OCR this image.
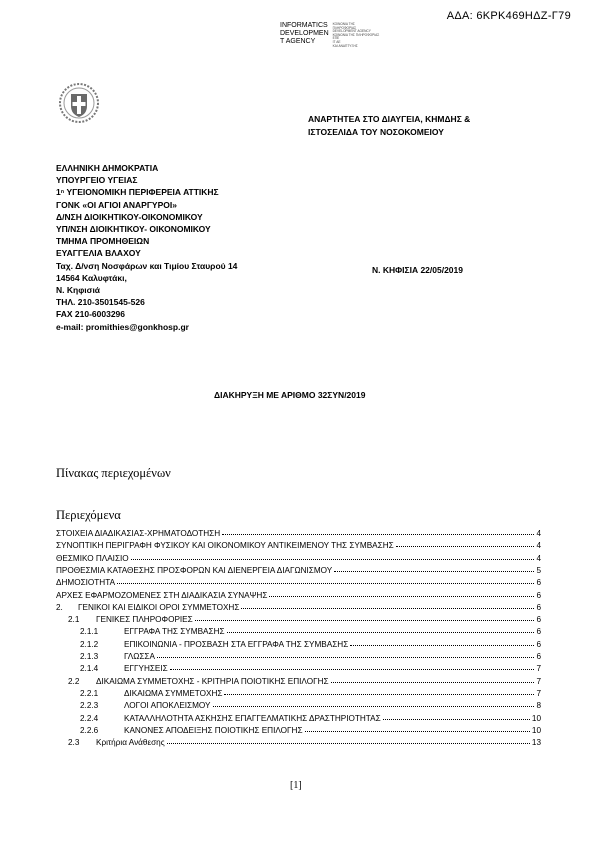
ΑΔΑ: 6ΚΡΚ469ΗΔΖ-Γ79
INFORMATICS
DEVELOPMEN
T AGENCY
ΚΟΙΝΩΝΙΑ ΤΗΣ
ΠΛΗΡΟΦΟΡΙΑΣ
DEVELOPMENT AGENCY
ΚΟΙΝΩΝΙΑ ΤΗΣ ΠΛΗΡΟΦΟΡΙΑΣ
ΕΠΕ
IT ΑΕ
ΚΑΙ ΑΝΑΠΤΥΞΗΣ
ΑΝΑΡΤΗΤΕΑ ΣΤΟ ΔΙΑΥΓΕΙΑ, ΚΗΜΔΗΣ &
ΙΣΤΟΣΕΛΙΔΑ ΤΟΥ ΝΟΣΟΚΟΜΕΙΟΥ
ΕΛΛΗΝΙΚΗ ΔΗΜΟΚΡΑΤΙΑ
ΥΠΟΥΡΓΕΙΟ ΥΓΕΙΑΣ
1ⁿ ΥΓΕΙΟΝΟΜΙΚΗ ΠΕΡΙΦΕΡΕΙΑ ΑΤΤΙΚΗΣ
ΓΟΝΚ «ΟΙ ΑΓΙΟΙ ΑΝΑΡΓΥΡΟΙ»
Δ/ΝΣΗ ΔΙΟΙΚΗΤΙΚΟΥ-ΟΙΚΟΝΟΜΙΚΟΥ
ΥΠ/ΝΣΗ ΔΙΟΙΚΗΤΙΚΟΥ- ΟΙΚΟΝΟΜΙΚΟΥ
ΤΜΗΜΑ ΠΡΟΜΗΘΕΙΩΝ
ΕΥΑΓΓΕΛΙΑ ΒΛΑΧΟΥ
Ταχ. Δ/νση Νοσφάρων και Τιμίου Σταυρού 14
14564 Καλυφτάκι,
Ν. Κηφισιά
ΤΗΛ. 210-3501545-526
FAX 210-6003296
e-mail: promithies@gonkhosp.gr
Ν. ΚΗΦΙΣΙΑ 22/05/2019
ΔΙΑΚΗΡΥΞΗ ΜΕ ΑΡΙΘΜΟ 32ΣΥΝ/2019
Πίνακας περιεχομένων
Περιεχόμενα
ΣΤΟΙΧΕΙΑ ΔΙΑΔΙΚΑΣΙΑΣ-ΧΡΗΜΑΤΟΔΟΤΗΣΗ	4
ΣΥΝΟΠΤΙΚΗ ΠΕΡΙΓΡΑΦΗ ΦΥΣΙΚΟΥ ΚΑΙ ΟΙΚΟΝΟΜΙΚΟΥ ΑΝΤΙΚΕΙΜΕΝΟΥ ΤΗΣ ΣΥΜΒΑΣΗΣ	4
ΘΕΣΜΙΚΟ ΠΛΑΙΣΙΟ	4
ΠΡΟΘΕΣΜΙΑ ΚΑΤΑΘΕΣΗΣ ΠΡΟΣΦΟΡΩΝ ΚΑΙ ΔΙΕΝΕΡΓΕΙΑ ΔΙΑΓΩΝΙΣΜΟΥ	5
ΔΗΜΟΣΙΟΤΗΤΑ	6
ΑΡΧΕΣ ΕΦΑΡΜΟΖΟΜΕΝΕΣ ΣΤΗ ΔΙΑΔΙΚΑΣΙΑ ΣΥΝΑΨΗΣ	6
2.	ΓΕΝΙΚΟΙ ΚΑΙ ΕΙΔΙΚΟΙ ΟΡΟΙ ΣΥΜΜΕΤΟΧΗΣ	6
2.1	ΓΕΝΙΚΕΣ ΠΛΗΡΟΦΟΡΙΕΣ	6
2.1.1	ΕΓΓΡΑΦΑ ΤΗΣ ΣΥΜΒΑΣΗΣ	6
2.1.2	ΕΠΙΚΟΙΝΩΝΙΑ - ΠΡΟΣΒΑΣΗ ΣΤΑ ΕΓΓΡΑΦΑ ΤΗΣ ΣΥΜΒΑΣΗΣ	6
2.1.3	ΓΛΩΣΣΑ	6
2.1.4	ΕΓΓΥΗΣΕΙΣ	7
2.2	ΔΙΚΑΙΩΜΑ ΣΥΜΜΕΤΟΧΗΣ - ΚΡΙΤΗΡΙΑ ΠΟΙΟΤΙΚΗΣ ΕΠΙΛΟΓΗΣ	7
2.2.1	ΔΙΚΑΙΩΜΑ ΣΥΜΜΕΤΟΧΗΣ	7
2.2.3	ΛΟΓΟΙ ΑΠΟΚΛΕΙΣΜΟΥ	8
2.2.4	ΚΑΤΑΛΛΗΛΟΤΗΤΑ ΑΣΚΗΣΗΣ ΕΠΑΓΓΕΛΜΑΤΙΚΗΣ ΔΡΑΣΤΗΡΙΟΤΗΤΑΣ	10
2.2.6	ΚΑΝΟΝΕΣ ΑΠΟΔΕΙΞΗΣ ΠΟΙΟΤΙΚΗΣ ΕΠΙΛΟΓΗΣ	10
2.3	Κριτήρια Ανάθεσης	13
[1]
